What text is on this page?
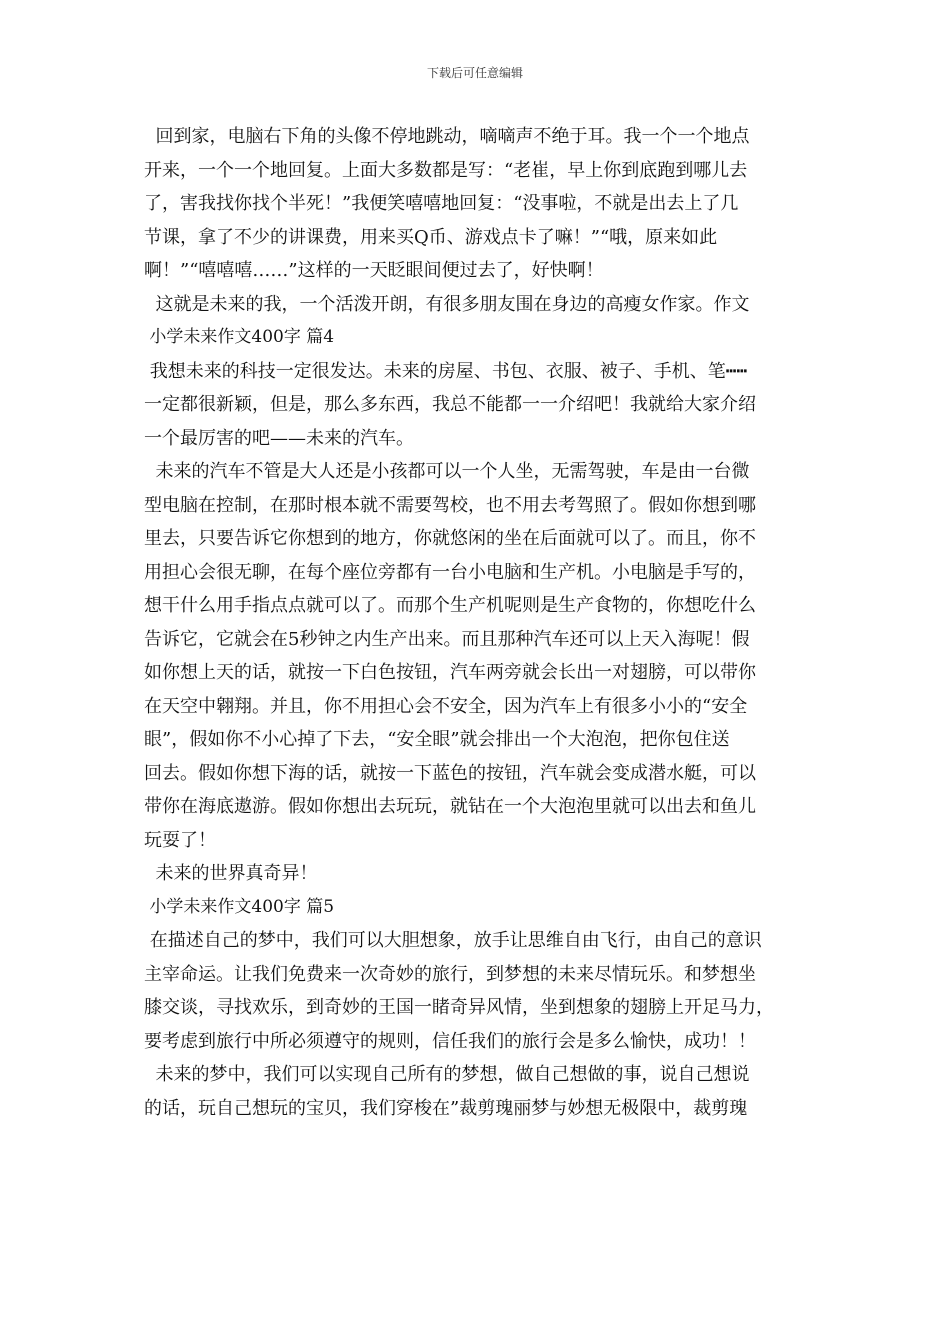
下载后可任意编辑
回到家，电脑右下角的头像不停地跳动，嘀嘀声不绝于耳。我一个一个地点
开来，一个一个地回复。上面大多数都是写：“老崔，早上你到底跑到哪儿去
了，害我找你找个半死！”我便笑嘻嘻地回复：“没事啦，不就是出去上了几
节课，拿了不少的讲课费，用来买Q币、游戏点卡了嘛！”“哦，原来如此
啊！”“嘻嘻嘻……”这样的一天眨眼间便过去了，好快啊！
这就是未来的我，一个活泼开朗，有很多朋友围在身边的高瘦女作家。作文
小学未来作文400字 篇4
我想未来的科技一定很发达。未来的房屋、书包、衣服、被子、手机、笔┅┅
一定都很新颖，但是，那么多东西，我总不能都一一介绍吧！我就给大家介绍
一个最厉害的吧——未来的汽车。
未来的汽车不管是大人还是小孩都可以一个人坐，无需驾驶，车是由一台微
型电脑在控制，在那时根本就不需要驾校，也不用去考驾照了。假如你想到哪
里去，只要告诉它你想到的地方，你就悠闲的坐在后面就可以了。而且，你不
用担心会很无聊，在每个座位旁都有一台小电脑和生产机。小电脑是手写的，
想干什么用手指点点就可以了。而那个生产机呢则是生产食物的，你想吃什么
告诉它，它就会在5秒钟之内生产出来。而且那种汽车还可以上天入海呢！假
如你想上天的话，就按一下白色按钮，汽车两旁就会长出一对翅膀，可以带你
在天空中翱翔。并且，你不用担心会不安全，因为汽车上有很多小小的“安全
眼”，假如你不小心掉了下去，“安全眼”就会排出一个大泡泡，把你包住送
回去。假如你想下海的话，就按一下蓝色的按钮，汽车就会变成潜水艇，可以
带你在海底遨游。假如你想出去玩玩，就钻在一个大泡泡里就可以出去和鱼儿
玩耍了！
未来的世界真奇异！
小学未来作文400字 篇5
在描述自己的梦中，我们可以大胆想象，放手让思维自由飞行，由自己的意识
主宰命运。让我们免费来一次奇妙的旅行，到梦想的未来尽情玩乐。和梦想坐
膝交谈，寻找欢乐，到奇妙的王国一睹奇异风情，坐到想象的翅膀上开足马力，
要考虑到旅行中所必须遵守的规则，信任我们的旅行会是多么愉快，成功！！
未来的梦中，我们可以实现自己所有的梦想，做自己想做的事，说自己想说
的话，玩自己想玩的宝贝，我们穿梭在”裁剪瑰丽梦与妙想无极限中，裁剪瑰
